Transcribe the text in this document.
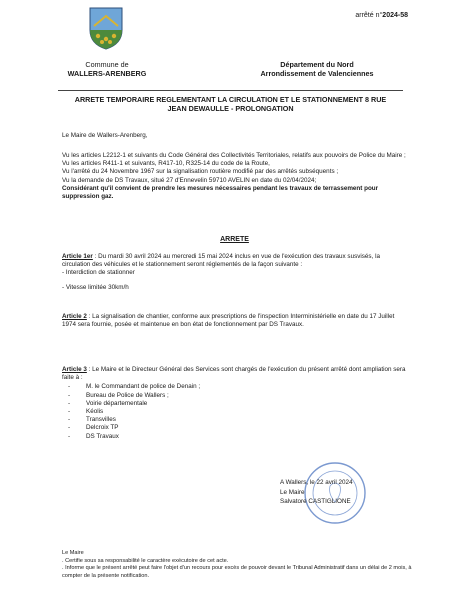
arrêté n°2024-58
Commune de
WALLERS-ARENBERG
Département du Nord
Arrondissement de Valenciennes
ARRETE TEMPORAIRE REGLEMENTANT LA CIRCULATION ET LE STATIONNEMENT 8 RUE
JEAN DEWAULLE - PROLONGATION
Le Maire de Wallers-Arenberg,
Vu les articles L2212-1 et suivants du Code Général des Collectivités Territoriales, relatifs aux pouvoirs de Police du Maire ;
Vu les articles R411-1 et suivants, R417-10, R325-14 du code de la Route,
Vu l'arrêté du 24 Novembre 1967 sur la signalisation routière modifié par des arrêtés subséquents ;
Vu la demande de DS Travaux, situé 27 d'Ennevelin 59710 AVELIN en date du 02/04/2024;
Considérant qu'il convient de prendre les mesures nécessaires pendant les travaux de terrassement pour suppression gaz.
ARRETE
Article 1er : Du mardi 30 avril 2024 au mercredi 15 mai 2024 inclus en vue de l'exécution des travaux susvisés, la circulation des véhicules et le stationnement seront réglementés de la façon suivante :
- Interdiction de stationner
- Vitesse limitée 30km/h
Article 2 : La signalisation de chantier, conforme aux prescriptions de l'inspection Interministérielle en date du 17 Juillet 1974 sera fournie, posée et maintenue en bon état de fonctionnement par DS Travaux.
Article 3 : Le Maire et le Directeur Général des Services sont chargés de l'exécution du présent arrêté dont ampliation sera faite à :
- M. le Commandant de police de Denain ;
- Bureau de Police de Wallers ;
- Voirie départementale
- Kéolis
- Transvilles
- Delcroix TP
- DS Travaux
A Wallers, le 22 avril 2024
Le Maire
Salvatore CASTIGLIONE
Le Maire
. Certifie sous sa responsabilité le caractère exécutoire de cet acte.
. Informe que le présent arrêté peut faire l'objet d'un recours pour excès de pouvoir devant le Tribunal Administratif dans un délai de 2 mois, à compter de la présente notification.
